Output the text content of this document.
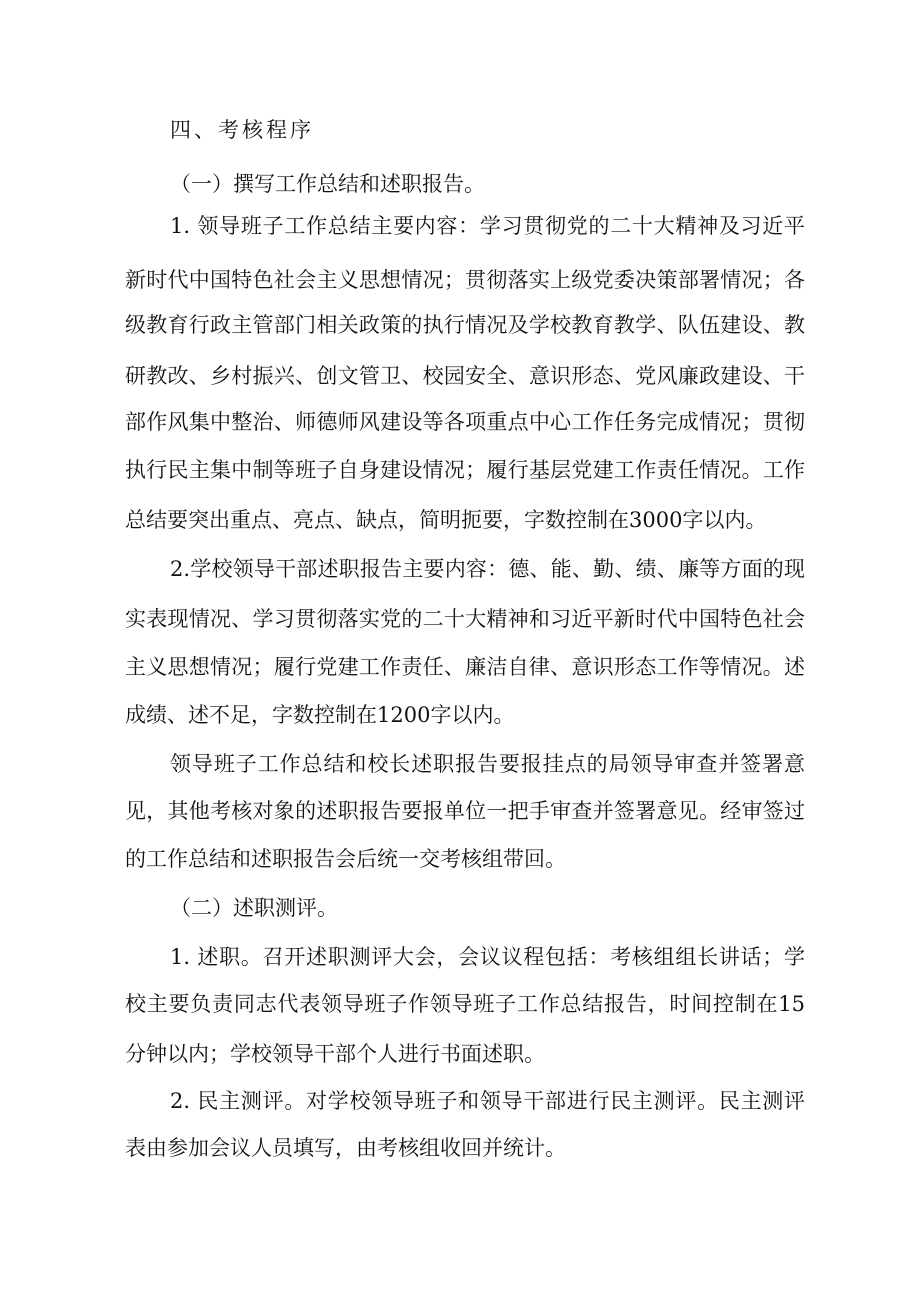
四、考核程序
（一）撰写工作总结和述职报告。
1. 领导班子工作总结主要内容：学习贯彻党的二十大精神及习近平
新时代中国特色社会主义思想情况；贯彻落实上级党委决策部署情况；各
级教育行政主管部门相关政策的执行情况及学校教育教学、队伍建设、教
研教改、乡村振兴、创文管卫、校园安全、意识形态、党风廉政建设、干
部作风集中整治、师德师风建设等各项重点中心工作任务完成情况；贯彻
执行民主集中制等班子自身建设情况；履行基层党建工作责任情况。工作
总结要突出重点、亮点、缺点，简明扼要，字数控制在3000字以内。
2.学校领导干部述职报告主要内容：德、能、勤、绩、廉等方面的现
实表现情况、学习贯彻落实党的二十大精神和习近平新时代中国特色社会
主义思想情况；履行党建工作责任、廉洁自律、意识形态工作等情况。述
成绩、述不足，字数控制在1200字以内。
领导班子工作总结和校长述职报告要报挂点的局领导审查并签署意
见，其他考核对象的述职报告要报单位一把手审查并签署意见。经审签过
的工作总结和述职报告会后统一交考核组带回。
（二）述职测评。
1. 述职。召开述职测评大会，会议议程包括：考核组组长讲话；学
校主要负责同志代表领导班子作领导班子工作总结报告，时间控制在15
分钟以内；学校领导干部个人进行书面述职。
2. 民主测评。对学校领导班子和领导干部进行民主测评。民主测评
表由参加会议人员填写，由考核组收回并统计。
